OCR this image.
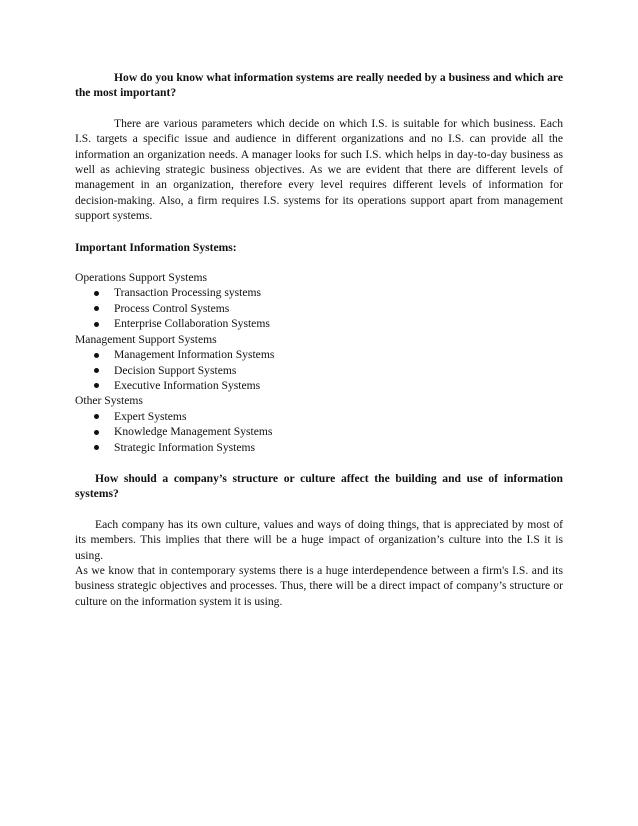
How do you know what information systems are really needed by a business and which are the most important?

There are various parameters which decide on which I.S. is suitable for which business. Each I.S. targets a specific issue and audience in different organizations and no I.S. can provide all the information an organization needs. A manager looks for such I.S. which helps in day-to-day business as well as achieving strategic business objectives. As we are evident that there are different levels of management in an organization, therefore every level requires different levels of information for decision-making. Also, a firm requires I.S. systems for its operations support apart from management support systems.

Important Information Systems:

Operations Support Systems

Transaction Processing systems
Process Control Systems
Enterprise Collaboration Systems

Management Support Systems

Management Information Systems
Decision Support Systems
Executive Information Systems

Other Systems

Expert Systems
Knowledge Management Systems
Strategic Information Systems

How should a company’s structure or culture affect the building and use of information systems?

Each company has its own culture, values and ways of doing things, that is appreciated by most of its members. This implies that there will be a huge impact of organization’s culture into the I.S it is using.

As we know that in contemporary systems there is a huge interdependence between a firm's I.S. and its business strategic objectives and processes. Thus, there will be a direct impact of company’s structure or culture on the information system it is using.
